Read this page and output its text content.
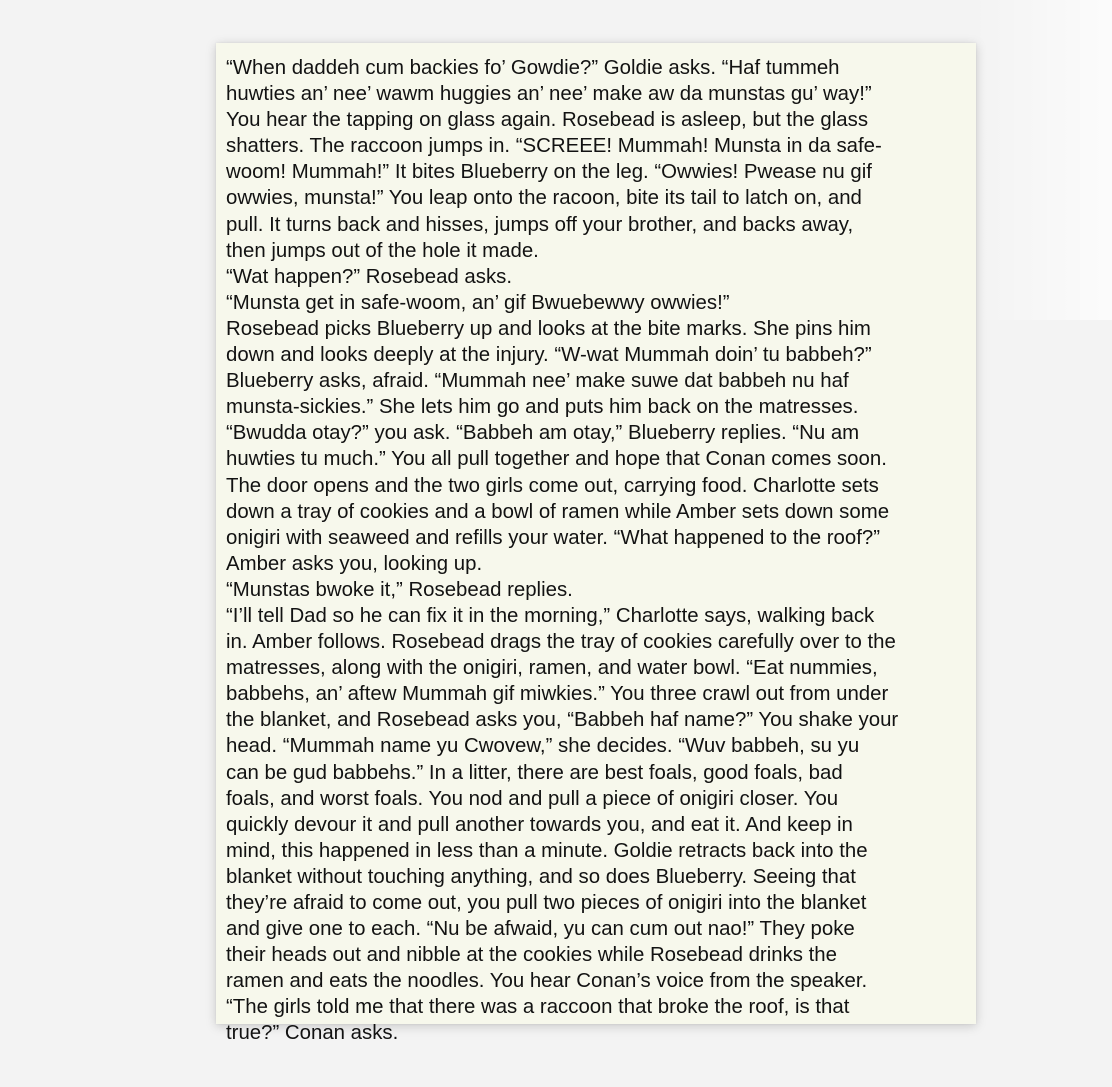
“When daddeh cum backies fo’ Gowdie?” Goldie asks. “Haf tummeh
huwties an’ nee’ wawm huggies an’ nee’ make aw da munstas gu’ way!”
You hear the tapping on glass again. Rosebead is asleep, but the glass
shatters. The raccoon jumps in. “SCREEE! Mummah! Munsta in da safe-
woom! Mummah!” It bites Blueberry on the leg. “Owwies! Pwease nu gif
owwies, munsta!” You leap onto the racoon, bite its tail to latch on, and
pull. It turns back and hisses, jumps off your brother, and backs away,
then jumps out of the hole it made.
“Wat happen?” Rosebead asks.
“Munsta get in safe-woom, an’ gif Bwuebewwy owwies!”
Rosebead picks Blueberry up and looks at the bite marks. She pins him
down and looks deeply at the injury. “W-wat Mummah doin’ tu babbeh?”
Blueberry asks, afraid. “Mummah nee’ make suwe dat babbeh nu haf
munsta-sickies.” She lets him go and puts him back on the matresses.
“Bwudda otay?” you ask. “Babbeh am otay,” Blueberry replies. “Nu am
huwties tu much.” You all pull together and hope that Conan comes soon.
The door opens and the two girls come out, carrying food. Charlotte sets
down a tray of cookies and a bowl of ramen while Amber sets down some
onigiri with seaweed and refills your water. “What happened to the roof?”
Amber asks you, looking up.
“Munstas bwoke it,” Rosebead replies.
“I’ll tell Dad so he can fix it in the morning,” Charlotte says, walking back
in. Amber follows. Rosebead drags the tray of cookies carefully over to the
matresses, along with the onigiri, ramen, and water bowl. “Eat nummies,
babbehs, an’ aftew Mummah gif miwkies.” You three crawl out from under
the blanket, and Rosebead asks you, “Babbeh haf name?” You shake your
head. “Mummah name yu Cwovew,” she decides. “Wuv babbeh, su yu
can be gud babbehs.” In a litter, there are best foals, good foals, bad
foals, and worst foals. You nod and pull a piece of onigiri closer. You
quickly devour it and pull another towards you, and eat it. And keep in
mind, this happened in less than a minute. Goldie retracts back into the
blanket without touching anything, and so does Blueberry. Seeing that
they’re afraid to come out, you pull two pieces of onigiri into the blanket
and give one to each. “Nu be afwaid, yu can cum out nao!” They poke
their heads out and nibble at the cookies while Rosebead drinks the
ramen and eats the noodles. You hear Conan’s voice from the speaker.
“The girls told me that there was a raccoon that broke the roof, is that
true?” Conan asks.
